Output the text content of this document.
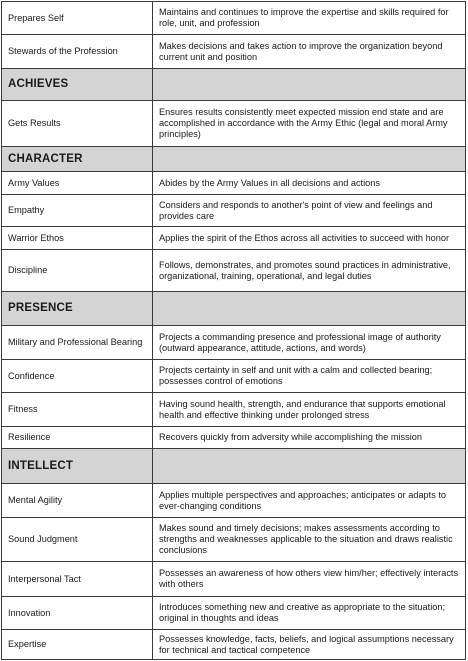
Prepares Self	Maintains and continues to improve the expertise and skills required for role, unit, and profession
Stewards of the Profession	Makes decisions and takes action to improve the organization beyond current unit and position
ACHIEVES	
Gets Results	Ensures results consistently meet expected mission end state and are accomplished in accordance with the Army Ethic (legal and moral Army principles)
CHARACTER	
Army Values	Abides by the Army Values in all decisions and actions
Empathy	Considers and responds to another's point of view and feelings and provides care
Warrior Ethos	Applies the spirit of the Ethos across all activities to succeed with honor
Discipline	Follows, demonstrates, and promotes sound practices in administrative, organizational, training, operational, and legal duties
PRESENCE	
Military and Professional Bearing	Projects a commanding presence and professional image of authority (outward appearance, attitude, actions, and words)
Confidence	Projects certainty in self and unit with a calm and collected bearing; possesses control of emotions
Fitness	Having sound health, strength, and endurance that supports emotional health and effective thinking under prolonged stress
Resilience	Recovers quickly from adversity while accomplishing the mission
INTELLECT	
Mental Agility	Applies multiple perspectives and approaches; anticipates or adapts to ever-changing conditions
Sound Judgment	Makes sound and timely decisions; makes assessments according to strengths and weaknesses applicable to the situation and draws realistic conclusions
Interpersonal Tact	Possesses an awareness of how others view him/her; effectively interacts with others
Innovation	Introduces something new and creative as appropriate to the situation; original in thoughts and ideas
Expertise	Possesses knowledge, facts, beliefs, and logical assumptions necessary for technical and tactical competence
